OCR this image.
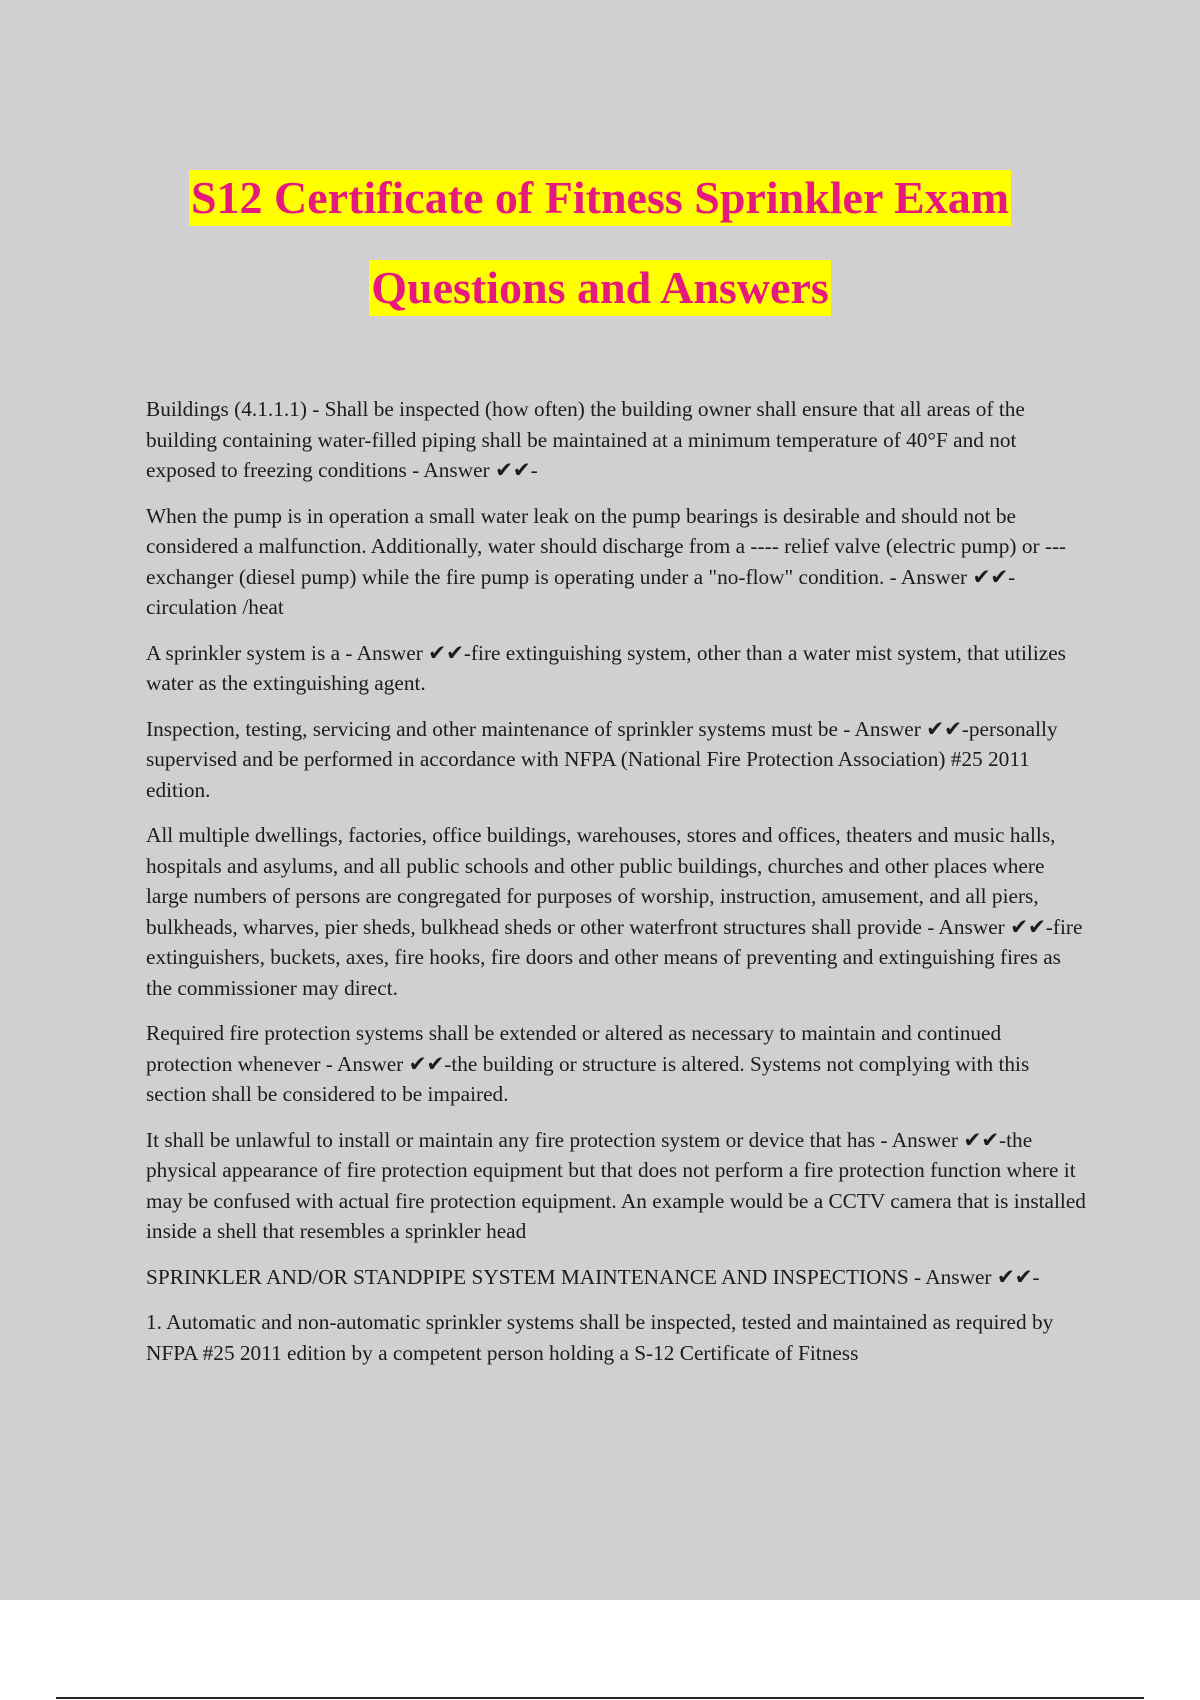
S12 Certificate of Fitness Sprinkler Exam
Questions and Answers

Buildings (4.1.1.1) - Shall be inspected (how often) the building owner shall ensure that all areas of the building containing water-filled piping shall be maintained at a minimum temperature of 40°F and not exposed to freezing conditions - Answer ✔✔-

When the pump is in operation a small water leak on the pump bearings is desirable and should not be considered a malfunction. Additionally, water should discharge from a ---- relief valve (electric pump) or --- exchanger (diesel pump) while the fire pump is operating under a "no-flow" condition. - Answer ✔✔-circulation /heat

A sprinkler system is a - Answer ✔✔-fire extinguishing system, other than a water mist system, that utilizes water as the extinguishing agent.

Inspection, testing, servicing and other maintenance of sprinkler systems must be - Answer ✔✔-personally supervised and be performed in accordance with NFPA (National Fire Protection Association) #25 2011 edition.

All multiple dwellings, factories, office buildings, warehouses, stores and offices, theaters and music halls, hospitals and asylums, and all public schools and other public buildings, churches and other places where large numbers of persons are congregated for purposes of worship, instruction, amusement, and all piers, bulkheads, wharves, pier sheds, bulkhead sheds or other waterfront structures shall provide - Answer ✔✔-fire extinguishers, buckets, axes, fire hooks, fire doors and other means of preventing and extinguishing fires as the commissioner may direct.

Required fire protection systems shall be extended or altered as necessary to maintain and continued protection whenever - Answer ✔✔-the building or structure is altered. Systems not complying with this section shall be considered to be impaired.

It shall be unlawful to install or maintain any fire protection system or device that has - Answer ✔✔-the physical appearance of fire protection equipment but that does not perform a fire protection function where it may be confused with actual fire protection equipment. An example would be a CCTV camera that is installed inside a shell that resembles a sprinkler head

SPRINKLER AND/OR STANDPIPE SYSTEM MAINTENANCE AND INSPECTIONS - Answer ✔✔-

1. Automatic and non-automatic sprinkler systems shall be inspected, tested and maintained as required by NFPA #25 2011 edition by a competent person holding a S-12 Certificate of Fitness
